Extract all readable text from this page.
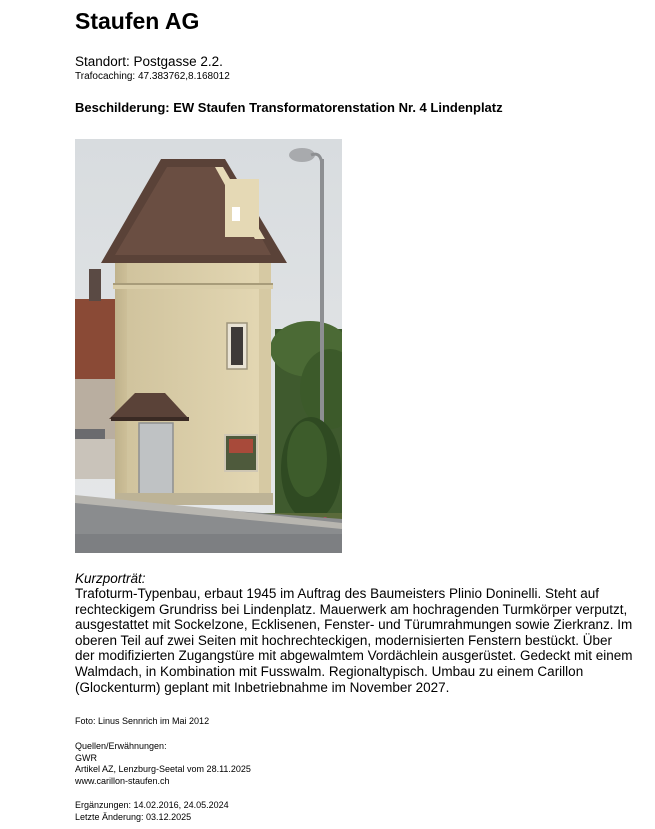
Staufen AG
Standort: Postgasse 2.2.
Trafocaching: 47.383762,8.168012
Beschilderung: EW Staufen Transformatorenstation Nr. 4 Lindenplatz
Kurzporträt:
Trafoturm-Typenbau, erbaut 1945 im Auftrag des Baumeisters Plinio Doninelli. Steht auf rechteckigem Grundriss bei Lindenplatz. Mauerwerk am hochragenden Turmkörper verputzt, ausgestattet mit Sockelzone, Ecklisenen, Fenster- und Türumrahmungen sowie Zierkranz. Im oberen Teil auf zwei Seiten mit hochrechteckigen, modernisierten Fenstern bestückt. Über der modifizierten Zugangstüre mit abgewalmtem Vordächlein ausgerüstet. Gedeckt mit einem Walmdach, in Kombination mit Fusswalm. Regionaltypisch. Umbau zu einem Carillon (Glockenturm) geplant mit Inbetriebnahme im November 2027.
Foto: Linus Sennrich im Mai 2012
Quellen/Erwähnungen:
GWR
Artikel AZ, Lenzburg-Seetal vom 28.11.2025
www.carillon-staufen.ch
Ergänzungen: 14.02.2016, 24.05.2024
Letzte Änderung: 03.12.2025
